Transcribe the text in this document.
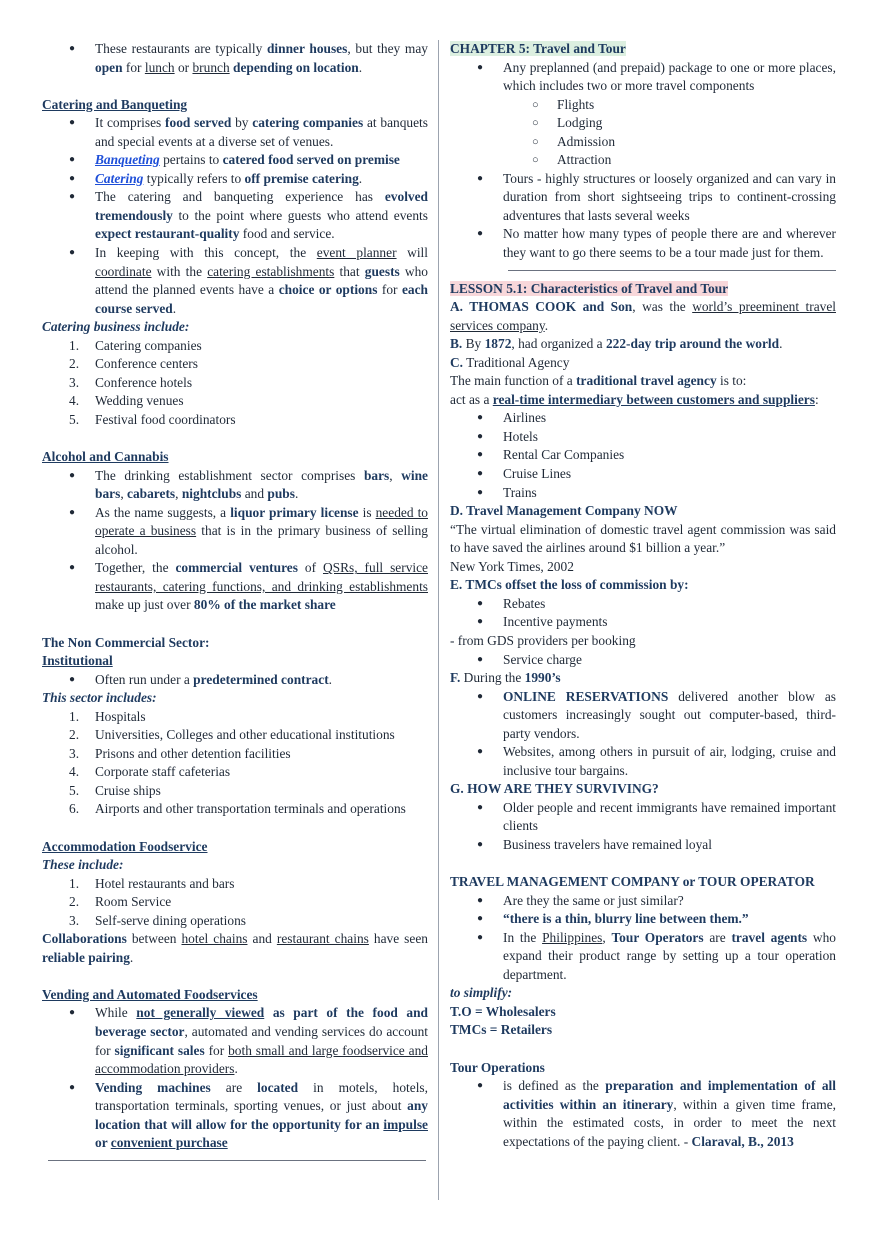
● These restaurants are typically dinner houses, but they may open for lunch or brunch depending on location.

Catering and Banqueting

● It comprises food served by catering companies at banquets and special events at a diverse set of venues.
● Banqueting pertains to catered food served on premise
● Catering typically refers to off premise catering.
● The catering and banqueting experience has evolved tremendously to the point where guests who attend events expect restaurant-quality food and service.
● In keeping with this concept, the event planner will coordinate with the catering establishments that guests who attend the planned events have a choice or options for each course served.

Catering business include:

1. Catering companies
2. Conference centers
3. Conference hotels
4. Wedding venues
5. Festival food coordinators

Alcohol and Cannabis

● The drinking establishment sector comprises bars, wine bars, cabarets, nightclubs and pubs.
● As the name suggests, a liquor primary license is needed to operate a business that is in the primary business of selling alcohol.
● Together, the commercial ventures of QSRs, full service restaurants, catering functions, and drinking establishments make up just over 80% of the market share

The Non Commercial Sector:

Institutional

● Often run under a predetermined contract.

This sector includes:

1. Hospitals
2. Universities, Colleges and other educational institutions
3. Prisons and other detention facilities
4. Corporate staff cafeterias
5. Cruise ships
6. Airports and other transportation terminals and operations

Accommodation Foodservice

These include:

1. Hotel restaurants and bars
2. Room Service
3. Self-serve dining operations

Collaborations between hotel chains and restaurant chains have seen reliable pairing.

Vending and Automated Foodservices

● While not generally viewed as part of the food and beverage sector, automated and vending services do account for significant sales for both small and large foodservice and accommodation providers.
● Vending machines are located in motels, hotels, transportation terminals, sporting venues, or just about any location that will allow for the opportunity for an impulse or convenient purchase

CHAPTER 5: Travel and Tour

● Any preplanned (and prepaid) package to one or more places, which includes two or more travel components
○ Flights
○ Lodging
○ Admission
○ Attraction
● Tours - highly structures or loosely organized and can vary in duration from short sightseeing trips to continent-crossing adventures that lasts several weeks
● No matter how many types of people there are and wherever they want to go there seems to be a tour made just for them.

LESSON 5.1: Characteristics of Travel and Tour

A. THOMAS COOK and Son, was the world’s preeminent travel services company.

B. By 1872, had organized a 222-day trip around the world.

C. Traditional Agency

The main function of a traditional travel agency is to:

act as a real-time intermediary between customers and suppliers:

● Airlines
● Hotels
● Rental Car Companies
● Cruise Lines
● Trains

D. Travel Management Company NOW

“The virtual elimination of domestic travel agent commission was said to have saved the airlines around $1 billion a year.”

New York Times, 2002

E. TMCs offset the loss of commission by:

● Rebates
● Incentive payments

- from GDS providers per booking

● Service charge

F. During the 1990’s

● ONLINE RESERVATIONS delivered another blow as customers increasingly sought out computer-based, third-party vendors.
● Websites, among others in pursuit of air, lodging, cruise and inclusive tour bargains.

G. HOW ARE THEY SURVIVING?

● Older people and recent immigrants have remained important clients
● Business travelers have remained loyal

TRAVEL MANAGEMENT COMPANY or TOUR OPERATOR

● Are they the same or just similar?
● “there is a thin, blurry line between them.”
● In the Philippines, Tour Operators are travel agents who expand their product range by setting up a tour operation department.

to simplify:

T.O = Wholesalers

TMCs = Retailers

Tour Operations

● is defined as the preparation and implementation of all activities within an itinerary, within a given time frame, within the estimated costs, in order to meet the next expectations of the paying client. - Claraval, B., 2013
